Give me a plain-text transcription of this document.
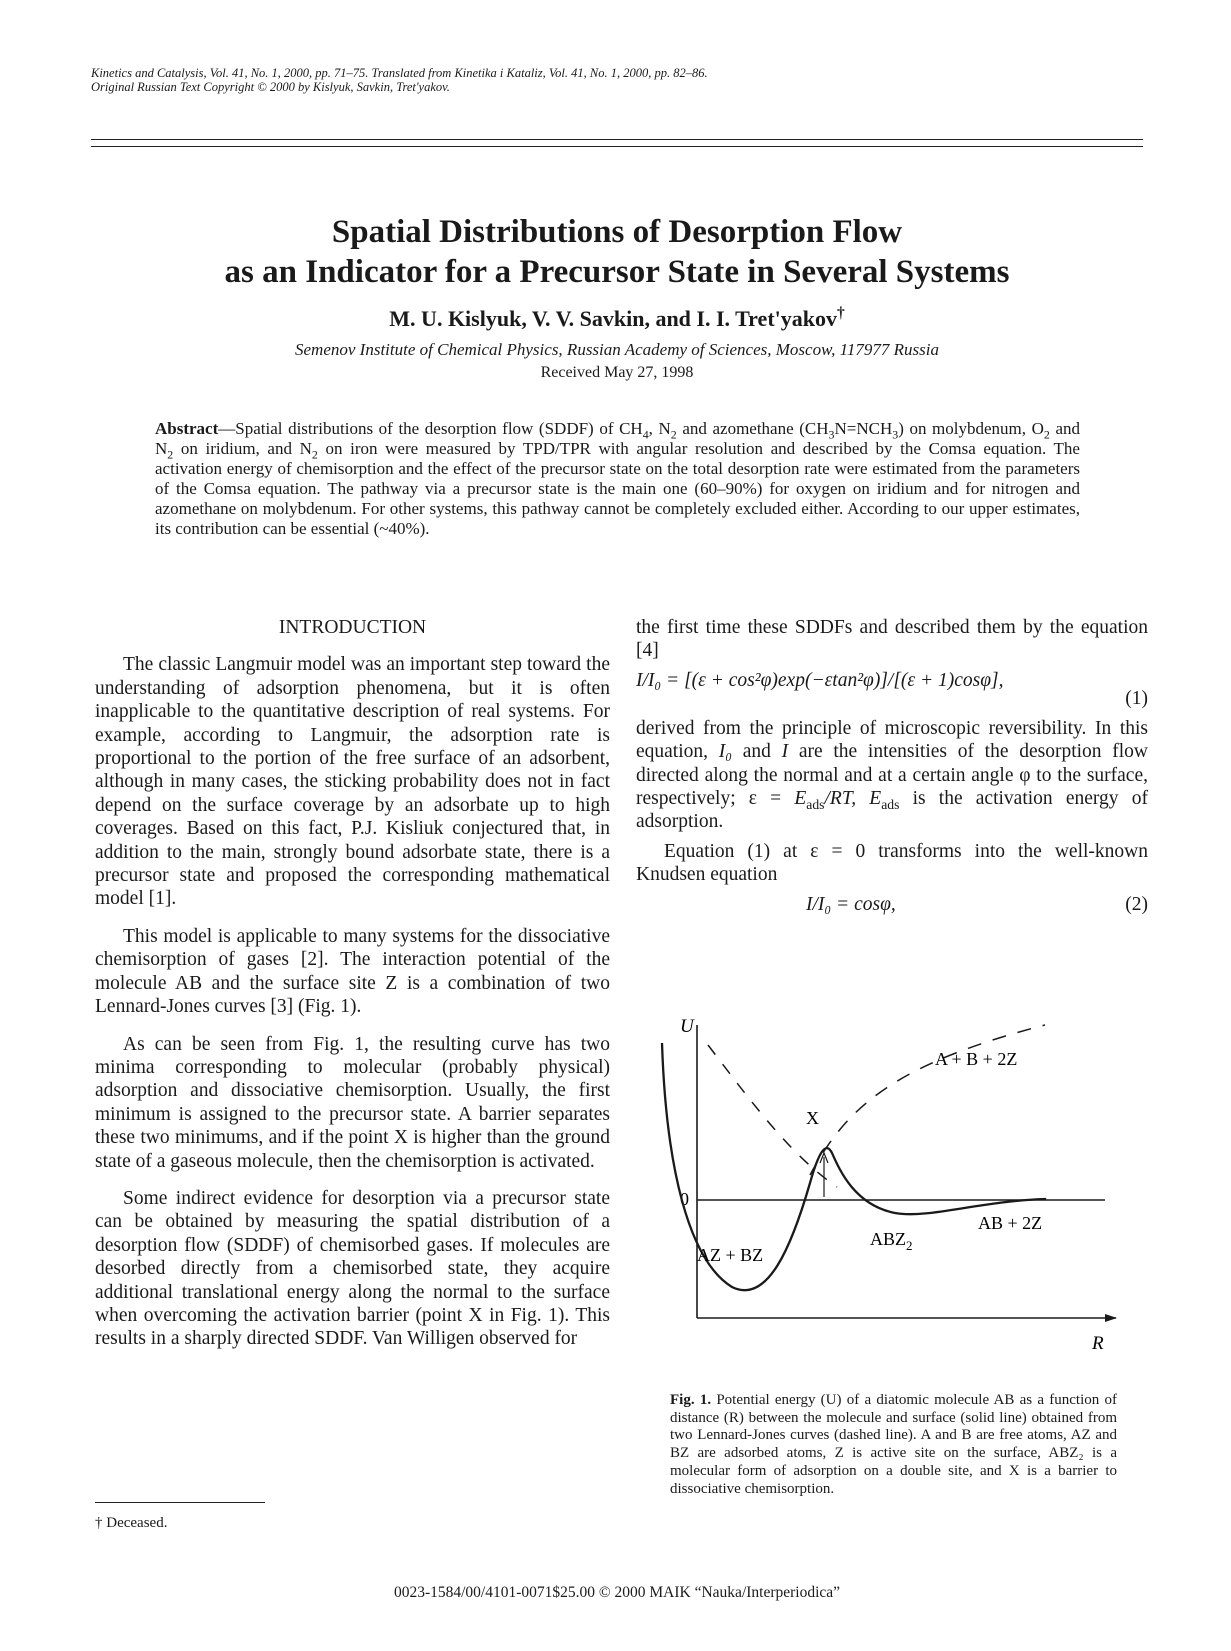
Kinetics and Catalysis, Vol. 41, No. 1, 2000, pp. 71–75. Translated from Kinetika i Kataliz, Vol. 41, No. 1, 2000, pp. 82–86.
Original Russian Text Copyright © 2000 by Kislyuk, Savkin, Tret'yakov.
Spatial Distributions of Desorption Flow
as an Indicator for a Precursor State in Several Systems
M. U. Kislyuk, V. V. Savkin, and I. I. Tret'yakov†
Semenov Institute of Chemical Physics, Russian Academy of Sciences, Moscow, 117977 Russia
Received May 27, 1998
Abstract—Spatial distributions of the desorption flow (SDDF) of $CH_4$, $N_2$ and azomethane $(CH_3N=NCH_3)$ on molybdenum, $O_2$ and $N_2$ on iridium, and $N_2$ on iron were measured by TPD/TPR with angular resolution and described by the Comsa equation. The activation energy of chemisorption and the effect of the precursor state on the total desorption rate were estimated from the parameters of the Comsa equation. The pathway via a precursor state is the main one (60–90%) for oxygen on iridium and for nitrogen and azomethane on molybdenum. For other systems, this pathway cannot be completely excluded either. According to our upper estimates, its contribution can be essential (~40%).

INTRODUCTION

The classic Langmuir model was an important step toward the understanding of adsorption phenomena, but it is often inapplicable to the quantitative description of real systems. For example, according to Langmuir, the adsorption rate is proportional to the portion of the free surface of an adsorbent, although in many cases, the sticking probability does not in fact depend on the surface coverage by an adsorbate up to high coverages. Based on this fact, P.J. Kisliuk conjectured that, in addition to the main, strongly bound adsorbate state, there is a precursor state and proposed the corresponding mathematical model [1].

This model is applicable to many systems for the dissociative chemisorption of gases [2]. The interaction potential of the molecule AB and the surface site Z is a combination of two Lennard-Jones curves [3] (Fig. 1).

As can be seen from Fig. 1, the resulting curve has two minima corresponding to molecular (probably physical) adsorption and dissociative chemisorption. Usually, the first minimum is assigned to the precursor state. A barrier separates these two minimums, and if the point X is higher than the ground state of a gaseous molecule, then the chemisorption is activated.

Some indirect evidence for desorption via a precursor state can be obtained by measuring the spatial distribution of a desorption flow (SDDF) of chemisorbed gases. If molecules are desorbed directly from a chemisorbed state, they acquire additional translational energy along the normal to the surface when overcoming the activation barrier (point X in Fig. 1). This results in a sharply directed SDDF. Van Willigen observed for

the first time these SDDFs and described them by the equation [4]

I/I₀ = [(ε + cos²φ)exp(−εtan²φ)]/[(ε + 1)cosφ],
(1)

derived from the principle of microscopic reversibility. In this equation, I₀ and I are the intensities of the desorption flow directed along the normal and at a certain angle φ to the surface, respectively; $\varepsilon = E_{ads}/RT$, $E_{ads}$ is the activation energy of adsorption.

Equation (1) at ε = 0 transforms into the well-known Knudsen equation

I/I₀ = cosφ,	(2)
U
R
0
A + B + 2Z
X
$ABZ_2$
AB + 2Z
AZ + BZ
Fig. 1. Potential energy (U) of a diatomic molecule AB as a function of distance (R) between the molecule and surface (solid line) obtained from two Lennard-Jones curves (dashed line). A and B are free atoms, AZ and BZ are adsorbed atoms, Z is active site on the surface, ABZ₂ is a molecular form of adsorption on a double site, and X is a barrier to dissociative chemisorption.
† Deceased.
0023-1584/00/4101-0071$25.00 © 2000 MAIK “Nauka/Interperiodica”
